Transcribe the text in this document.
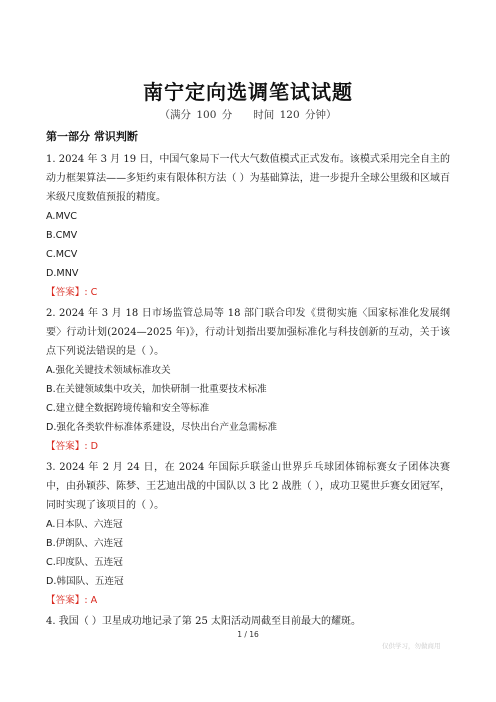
南宁定向选调笔试试题
（满分 100 分　　时间 120 分钟）
第一部分 常识判断

1. 2024 年 3 月 19 日，中国气象局下一代大气数值模式正式发布。该模式采用完全自主的动力框架算法——多矩约束有限体积方法（ ）为基础算法，进一步提升全球公里级和区域百米级尺度数值预报的精度。

A.MVC

B.CMV

C.MCV

D.MNV

【答案】: C

2. 2024 年 3 月 18 日市场监管总局等 18 部门联合印发《贯彻实施〈国家标准化发展纲要〉行动计划(2024—2025 年)》，行动计划指出要加强标准化与科技创新的互动，关于该点下列说法错误的是（ ）。

A.强化关键技术领域标准攻关

B.在关键领域集中攻关，加快研制一批重要技术标准

C.建立健全数据跨境传输和安全等标准

D.强化各类软件标准体系建设，尽快出台产业急需标准

【答案】: D

3. 2024 年 2 月 24 日，在 2024 年国际乒联釜山世界乒乓球团体锦标赛女子团体决赛中，由孙颖莎、陈梦、王艺迪出战的中国队以 3 比 2 战胜（ ），成功卫冕世乒赛女团冠军，同时实现了该项目的（ ）。

A.日本队、六连冠

B.伊朗队、六连冠

C.印度队、五连冠

D.韩国队、五连冠

【答案】: A

4. 我国（ ）卫星成功地记录了第 25 太阳活动周截至目前最大的耀斑。

1 / 16
仅供学习，勿做商用
